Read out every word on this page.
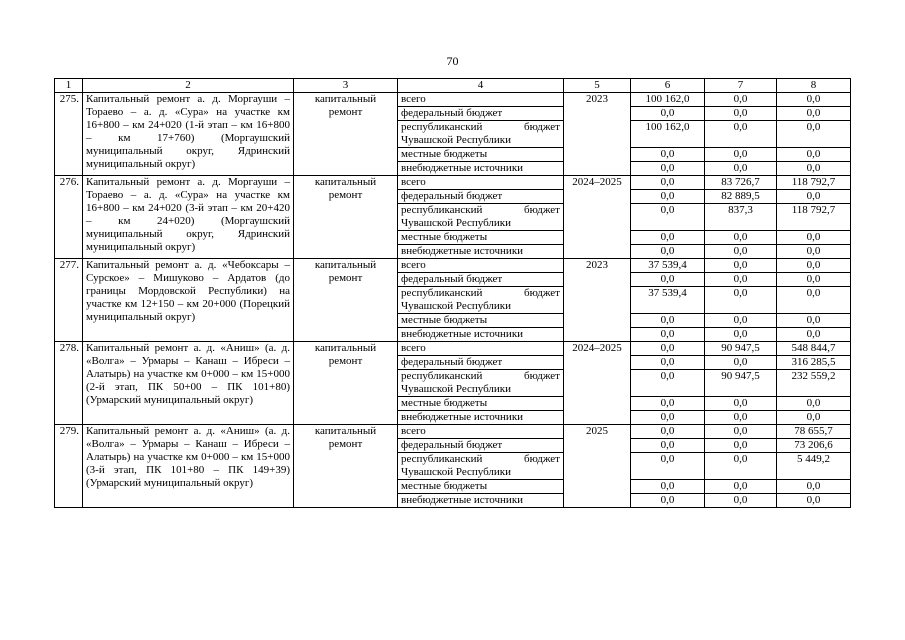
70
1	2	3	4	5	6	7	8
275.	Капитальный ремонт а. д. Моргауши – Тораево – а. д. «Сура» на участке км 16+800 – км 24+020 (1-й этап – км 16+800 – км 17+760) (Моргаушский муниципальный округ, Ядринский муниципальный округ)	капитальный ремонт	всего	2023	100 162,0	0,0	0,0
			федеральный бюджет		0,0	0,0	0,0
			республиканский бюджет Чувашской Республики		100 162,0	0,0	0,0
			местные бюджеты		0,0	0,0	0,0
			внебюджетные источники		0,0	0,0	0,0
276.	Капитальный ремонт а. д. Моргауши – Тораево – а. д. «Сура» на участке км 16+800 – км 24+020 (3-й этап – км 20+420 – км 24+020) (Моргаушский муниципальный округ, Ядринский муниципальный округ)	капитальный ремонт	всего	2024–2025	0,0	83 726,7	118 792,7
			федеральный бюджет		0,0	82 889,5	0,0
			республиканский бюджет Чувашской Республики		0,0	837,3	118 792,7
			местные бюджеты		0,0	0,0	0,0
			внебюджетные источники		0,0	0,0	0,0
277.	Капитальный ремонт а. д. «Чебоксары – Сурское» – Мишуково – Ардатов (до границы Мордовской Республики) на участке км 12+150 – км 20+000 (Порецкий муниципальный округ)	капитальный ремонт	всего	2023	37 539,4	0,0	0,0
			федеральный бюджет		0,0	0,0	0,0
			республиканский бюджет Чувашской Республики		37 539,4	0,0	0,0
			местные бюджеты		0,0	0,0	0,0
			внебюджетные источники		0,0	0,0	0,0
278.	Капитальный ремонт а. д. «Аниш» (а. д. «Волга» – Урмары – Канаш – Ибреси – Алатырь) на участке км 0+000 – км 15+000 (2-й этап, ПК 50+00 – ПК 101+80) (Урмарский муниципальный округ)	капитальный ремонт	всего	2024–2025	0,0	90 947,5	548 844,7
			федеральный бюджет		0,0	0,0	316 285,5
			республиканский бюджет Чувашской Республики		0,0	90 947,5	232 559,2
			местные бюджеты		0,0	0,0	0,0
			внебюджетные источники		0,0	0,0	0,0
279.	Капитальный ремонт а. д. «Аниш» (а. д. «Волга» – Урмары – Канаш – Ибреси – Алатырь) на участке км 0+000 – км 15+000 (3-й этап, ПК 101+80 – ПК 149+39) (Урмарский муниципальный округ)	капитальный ремонт	всего	2025	0,0	0,0	78 655,7
			федеральный бюджет		0,0	0,0	73 206,6
			республиканский бюджет Чувашской Республики		0,0	0,0	5 449,2
			местные бюджеты		0,0	0,0	0,0
			внебюджетные источники		0,0	0,0	0,0
